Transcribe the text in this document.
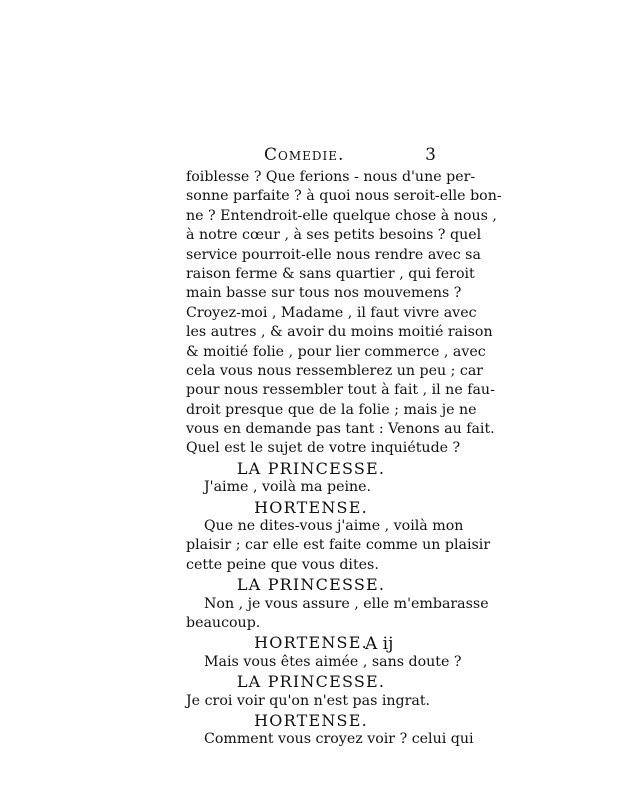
Comedie.	3
foiblesse ? Que ferions - nous d'une per-
sonne parfaite ? à quoi nous seroit-elle bon-
ne ? Entendroit-elle quelque chose à nous ,
à notre cœur , à ses petits besoins ? quel
service pourroit-elle nous rendre avec sa
raison ferme & sans quartier , qui feroit
main basse sur tous nos mouvemens ?
Croyez-moi , Madame , il faut vivre avec
les autres , & avoir du moins moitié raison
& moitié folie , pour lier commerce , avec
cela vous nous ressemblerez un peu ; car
pour nous ressembler tout à fait , il ne fau-
droit presque que de la folie ; mais je ne
vous en demande pas tant : Venons au fait.
Quel est le sujet de votre inquiétude ?
LA PRINCESSE.
J'aime , voilà ma peine.
HORTENSE.
Que ne dites-vous j'aime , voilà mon
plaisir ; car elle est faite comme un plaisir
cette peine que vous dites.
LA PRINCESSE.
Non , je vous assure , elle m'embarasse
beaucoup.
HORTENSE.
Mais vous êtes aimée , sans doute ?
LA PRINCESSE.
Je croi voir qu'on n'est pas ingrat.
HORTENSE.
Comment vous croyez voir ? celui qui
A ij
